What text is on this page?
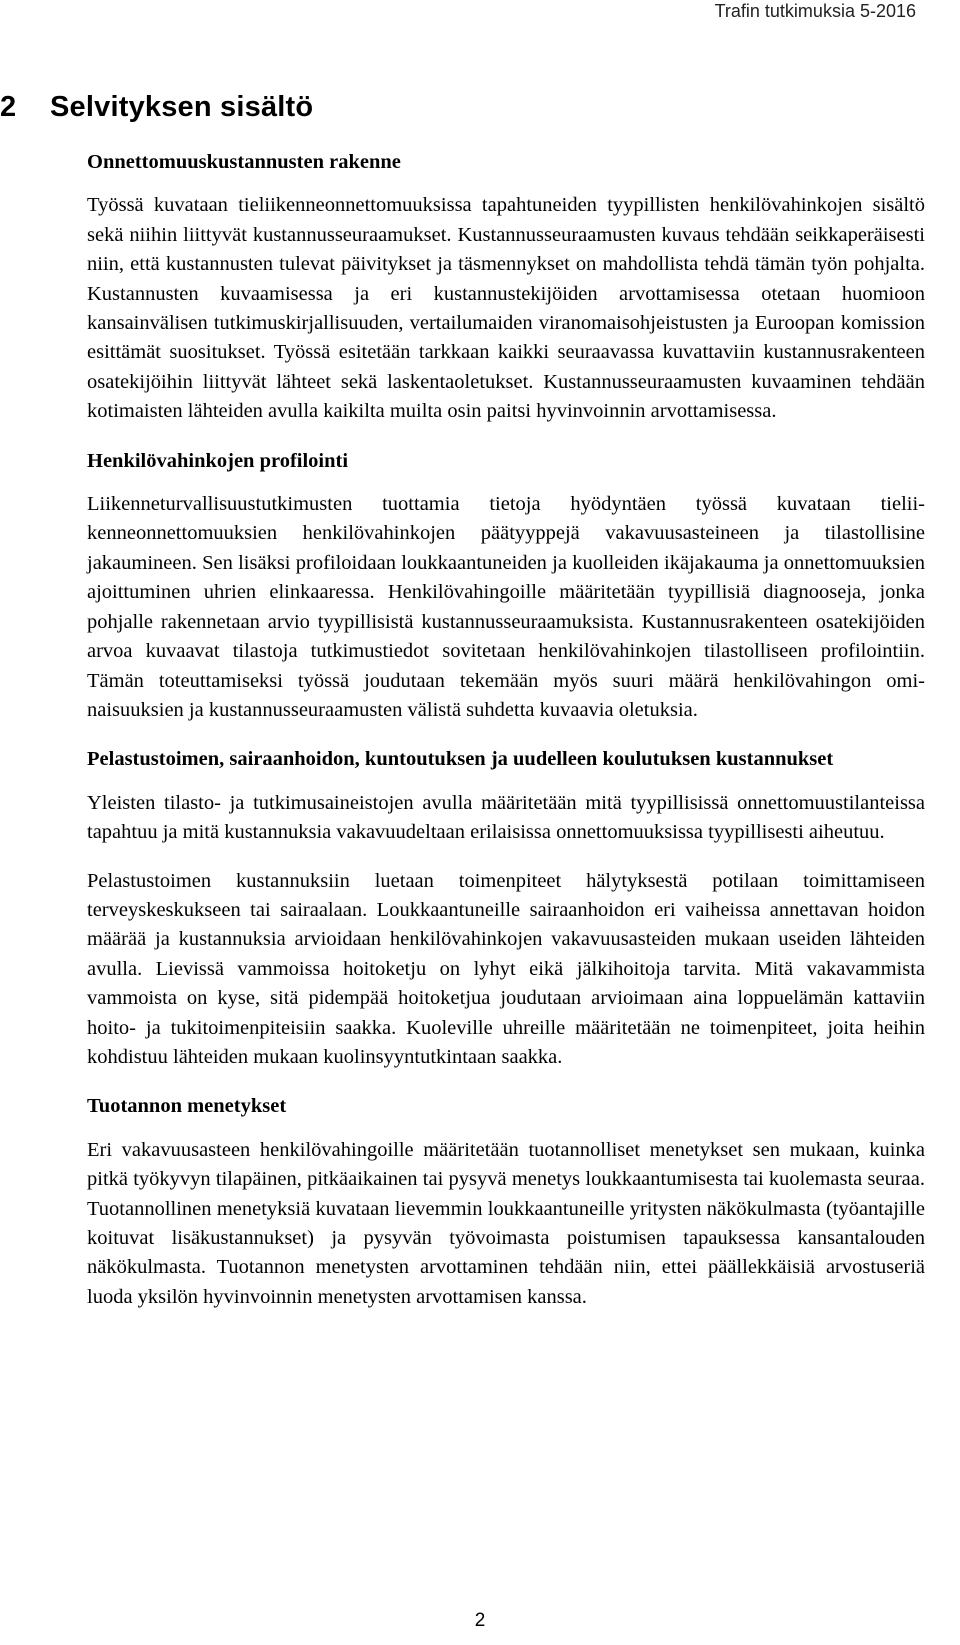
Trafin tutkimuksia 5-2016
2 Selvityksen sisältö
Onnettomuuskustannusten rakenne

Työssä kuvataan tieliikenneonnettomuuksissa tapahtuneiden tyypillisten henkilövahinkojen sisältö sekä niihin liittyvät kustannusseuraamukset. Kustannusseuraamusten kuvaus tehdään seikkaperäisesti niin, että kustannusten tulevat päivitykset ja täsmennykset on mahdollista tehdä tämän työn pohjalta. Kustannusten kuvaamisessa ja eri kustannustekijöiden arvottamisessa otetaan huomioon kansainvälisen tutkimuskirjallisuuden, vertailumaiden viranomaisohjeistusten ja Euroopan komission esittämät suositukset. Työssä esitetään tarkkaan kaikki seuraavassa kuvattaviin kustannusrakenteen osatekijöihin liittyvät lähteet sekä laskentaoletukset. Kustannusseuraamusten kuvaaminen tehdään kotimaisten lähteiden avulla kaikilta muilta osin paitsi hyvinvoinnin arvottamisessa.

Henkilövahinkojen profilointi

Liikenneturvallisuustutkimusten tuottamia tietoja hyödyntäen työssä kuvataan tieliikenneonnettomuuksien henkilövahinkojen päätyyppejä vakavuusasteineen ja tilastollisine jakaumineen. Sen lisäksi profiloidaan loukkaantuneiden ja kuolleiden ikäjakauma ja onnettomuuksien ajoittuminen uhrien elinkaaressa. Henkilövahingoille määritetään tyypillisiä diagnooseja, jonka pohjalle rakennetaan arvio tyypillisistä kustannusseuraamuksista. Kustannusrakenteen osatekijöiden arvoa kuvaavat tilastoja tutkimustiedot sovitetaan henkilövahinkojen tilastolliseen profilointiin. Tämän toteuttamiseksi työssä joudutaan tekemään myös suuri määrä henkilövahingon ominaisuuksien ja kustannusseuraamusten välistä suhdetta kuvaavia oletuksia.

Pelastustoimen, sairaanhoidon, kuntoutuksen ja uudelleen koulutuksen kustannukset

Yleisten tilasto- ja tutkimusaineistojen avulla määritetään mitä tyypillisissä onnettomuustilanteissa tapahtuu ja mitä kustannuksia vakavuudeltaan erilaisissa onnettomuuksissa tyypillisesti aiheutuu.

Pelastustoimen kustannuksiin luetaan toimenpiteet hälytyksestä potilaan toimittamiseen terveyskeskukseen tai sairaalaan. Loukkaantuneille sairaanhoidon eri vaiheissa annettavan hoidon määrää ja kustannuksia arvioidaan henkilövahinkojen vakavuusasteiden mukaan useiden lähteiden avulla. Lievissä vammoissa hoitoketju on lyhyt eikä jälkihoitoja tarvita. Mitä vakavammista vammoista on kyse, sitä pidempää hoitoketjua joudutaan arvioimaan aina loppuelämän kattaviin hoito- ja tukitoimenpiteisiin saakka. Kuoleville uhreille määritetään ne toimenpiteet, joita heihin kohdistuu lähteiden mukaan kuolinsyyntutkintaan saakka.

Tuotannon menetykset

Eri vakavuusasteen henkilövahingoille määritetään tuotannolliset menetykset sen mukaan, kuinka pitkä työkyvyn tilapäinen, pitkäaikainen tai pysyvä menetys loukkaantumisesta tai kuolemasta seuraa. Tuotannollinen menetyksiä kuvataan lievemmin loukkaantuneille yritysten näkökulmasta (työantajille koituvat lisäkustannukset) ja pysyvän työvoimasta poistumisen tapauksessa kansantalouden näkökulmasta. Tuotannon menetysten arvottaminen tehdään niin, ettei päällekkäisiä arvostuseriä luoda yksilön hyvinvoinnin menetysten arvottamisen kanssa.

2
